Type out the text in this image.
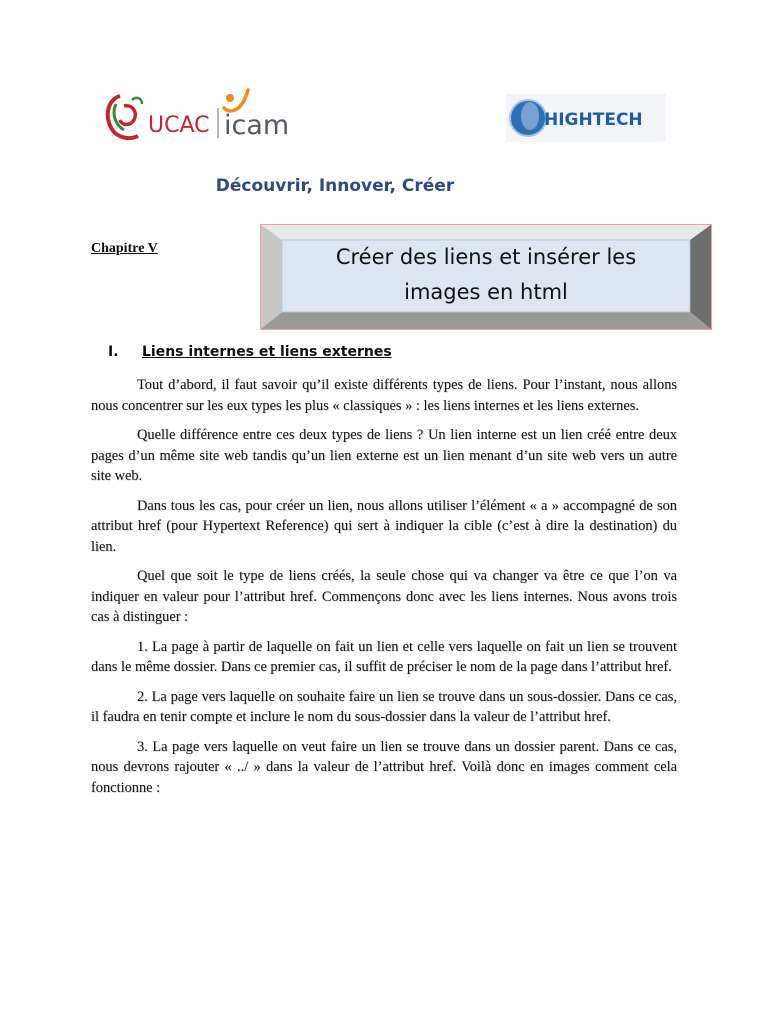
UCAC icam	HIGHTECH
Découvrir, Innover, Créer
Chapitre V	Créer des liens et insérer les
images en html
I. Liens internes et liens externes

Tout d’abord, il faut savoir qu’il existe différents types de liens. Pour l’instant, nous allons nous concentrer sur les eux types les plus « classiques » : les liens internes et les liens externes.

Quelle différence entre ces deux types de liens ? Un lien interne est un lien créé entre deux pages d’un même site web tandis qu’un lien externe est un lien menant d’un site web vers un autre site web.

Dans tous les cas, pour créer un lien, nous allons utiliser l’élément « a » accompagné de son attribut href (pour Hypertext Reference) qui sert à indiquer la cible (c’est à dire la destination) du lien.

Quel que soit le type de liens créés, la seule chose qui va changer va être ce que l’on va indiquer en valeur pour l’attribut href. Commençons donc avec les liens internes. Nous avons trois cas à distinguer :

1. La page à partir de laquelle on fait un lien et celle vers laquelle on fait un lien se trouvent dans le même dossier. Dans ce premier cas, il suffit de préciser le nom de la page dans l’attribut href.

2. La page vers laquelle on souhaite faire un lien se trouve dans un sous-dossier. Dans ce cas, il faudra en tenir compte et inclure le nom du sous-dossier dans la valeur de l’attribut href.

3. La page vers laquelle on veut faire un lien se trouve dans un dossier parent. Dans ce cas, nous devrons rajouter « ../ » dans la valeur de l’attribut href. Voilà donc en images comment cela fonctionne :
